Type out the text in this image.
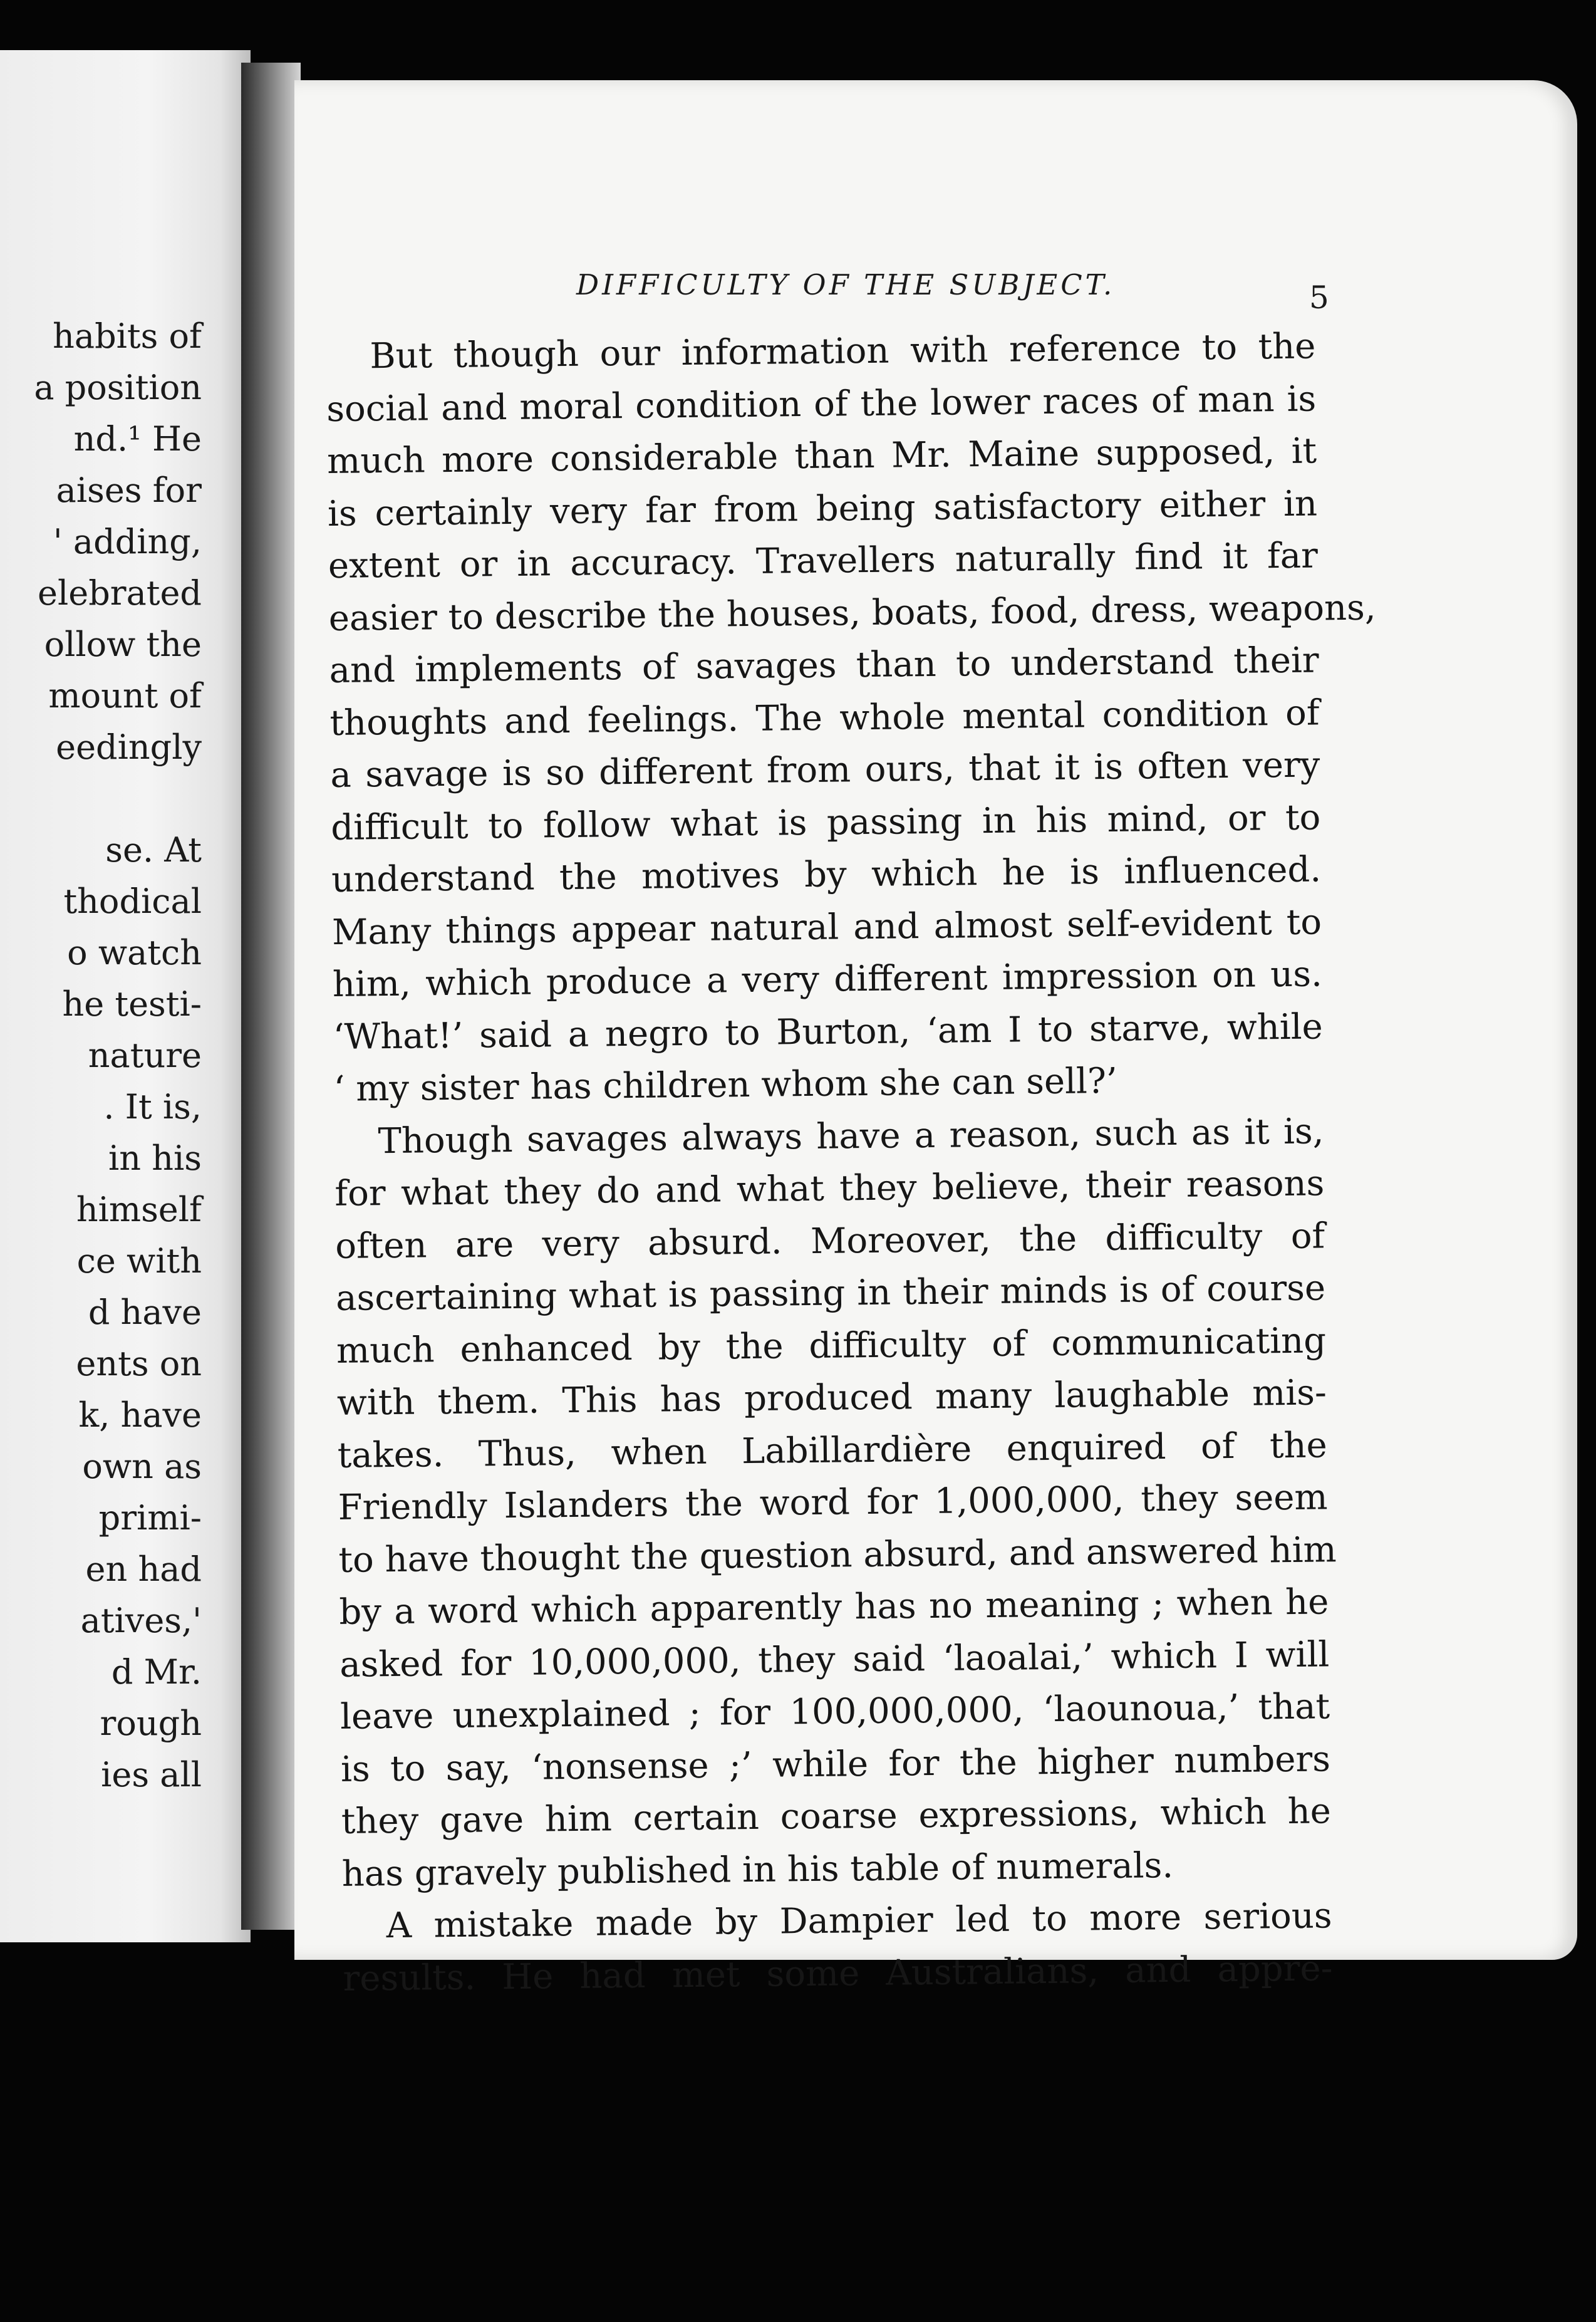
habits of
a position
nd.¹ He
aises for
' adding,
elebrated
ollow the
mount of
eedingly
se. At
thodical
o watch
he testi-
nature
. It is,
in his
himself
ce with
d have
ents on
k, have
own as
primi-
en had
atives,'
d Mr.
rough
ies all
DIFFICULTY OF THE SUBJECT.	5
But though our information with reference to the
social and moral condition of the lower races of man is
much more considerable than Mr. Maine supposed, it
is certainly very far from being satisfactory either in
extent or in accuracy. Travellers naturally find it far
easier to describe the houses, boats, food, dress, weapons,
and implements of savages than to understand their
thoughts and feelings. The whole mental condition of
a savage is so different from ours, that it is often very
difficult to follow what is passing in his mind, or to
understand the motives by which he is influenced.
Many things appear natural and almost self-evident to
him, which produce a very different impression on us.
‘What!’ said a negro to Burton, ‘am I to starve, while
‘ my sister has children whom she can sell?’
Though savages always have a reason, such as it is,
for what they do and what they believe, their reasons
often are very absurd. Moreover, the difficulty of
ascertaining what is passing in their minds is of course
much enhanced by the difficulty of communicating
with them. This has produced many laughable mis-
takes. Thus, when Labillardière enquired of the
Friendly Islanders the word for 1,000,000, they seem
to have thought the question absurd, and answered him
by a word which apparently has no meaning ; when he
asked for 10,000,000, they said ‘laoalai,’ which I will
leave unexplained ; for 100,000,000, ‘laounoua,’ that
is to say, ‘nonsense ;’ while for the higher numbers
they gave him certain coarse expressions, which he
has gravely published in his table of numerals.
A mistake made by Dampier led to more serious
results. He had met some Australians, and appre-
